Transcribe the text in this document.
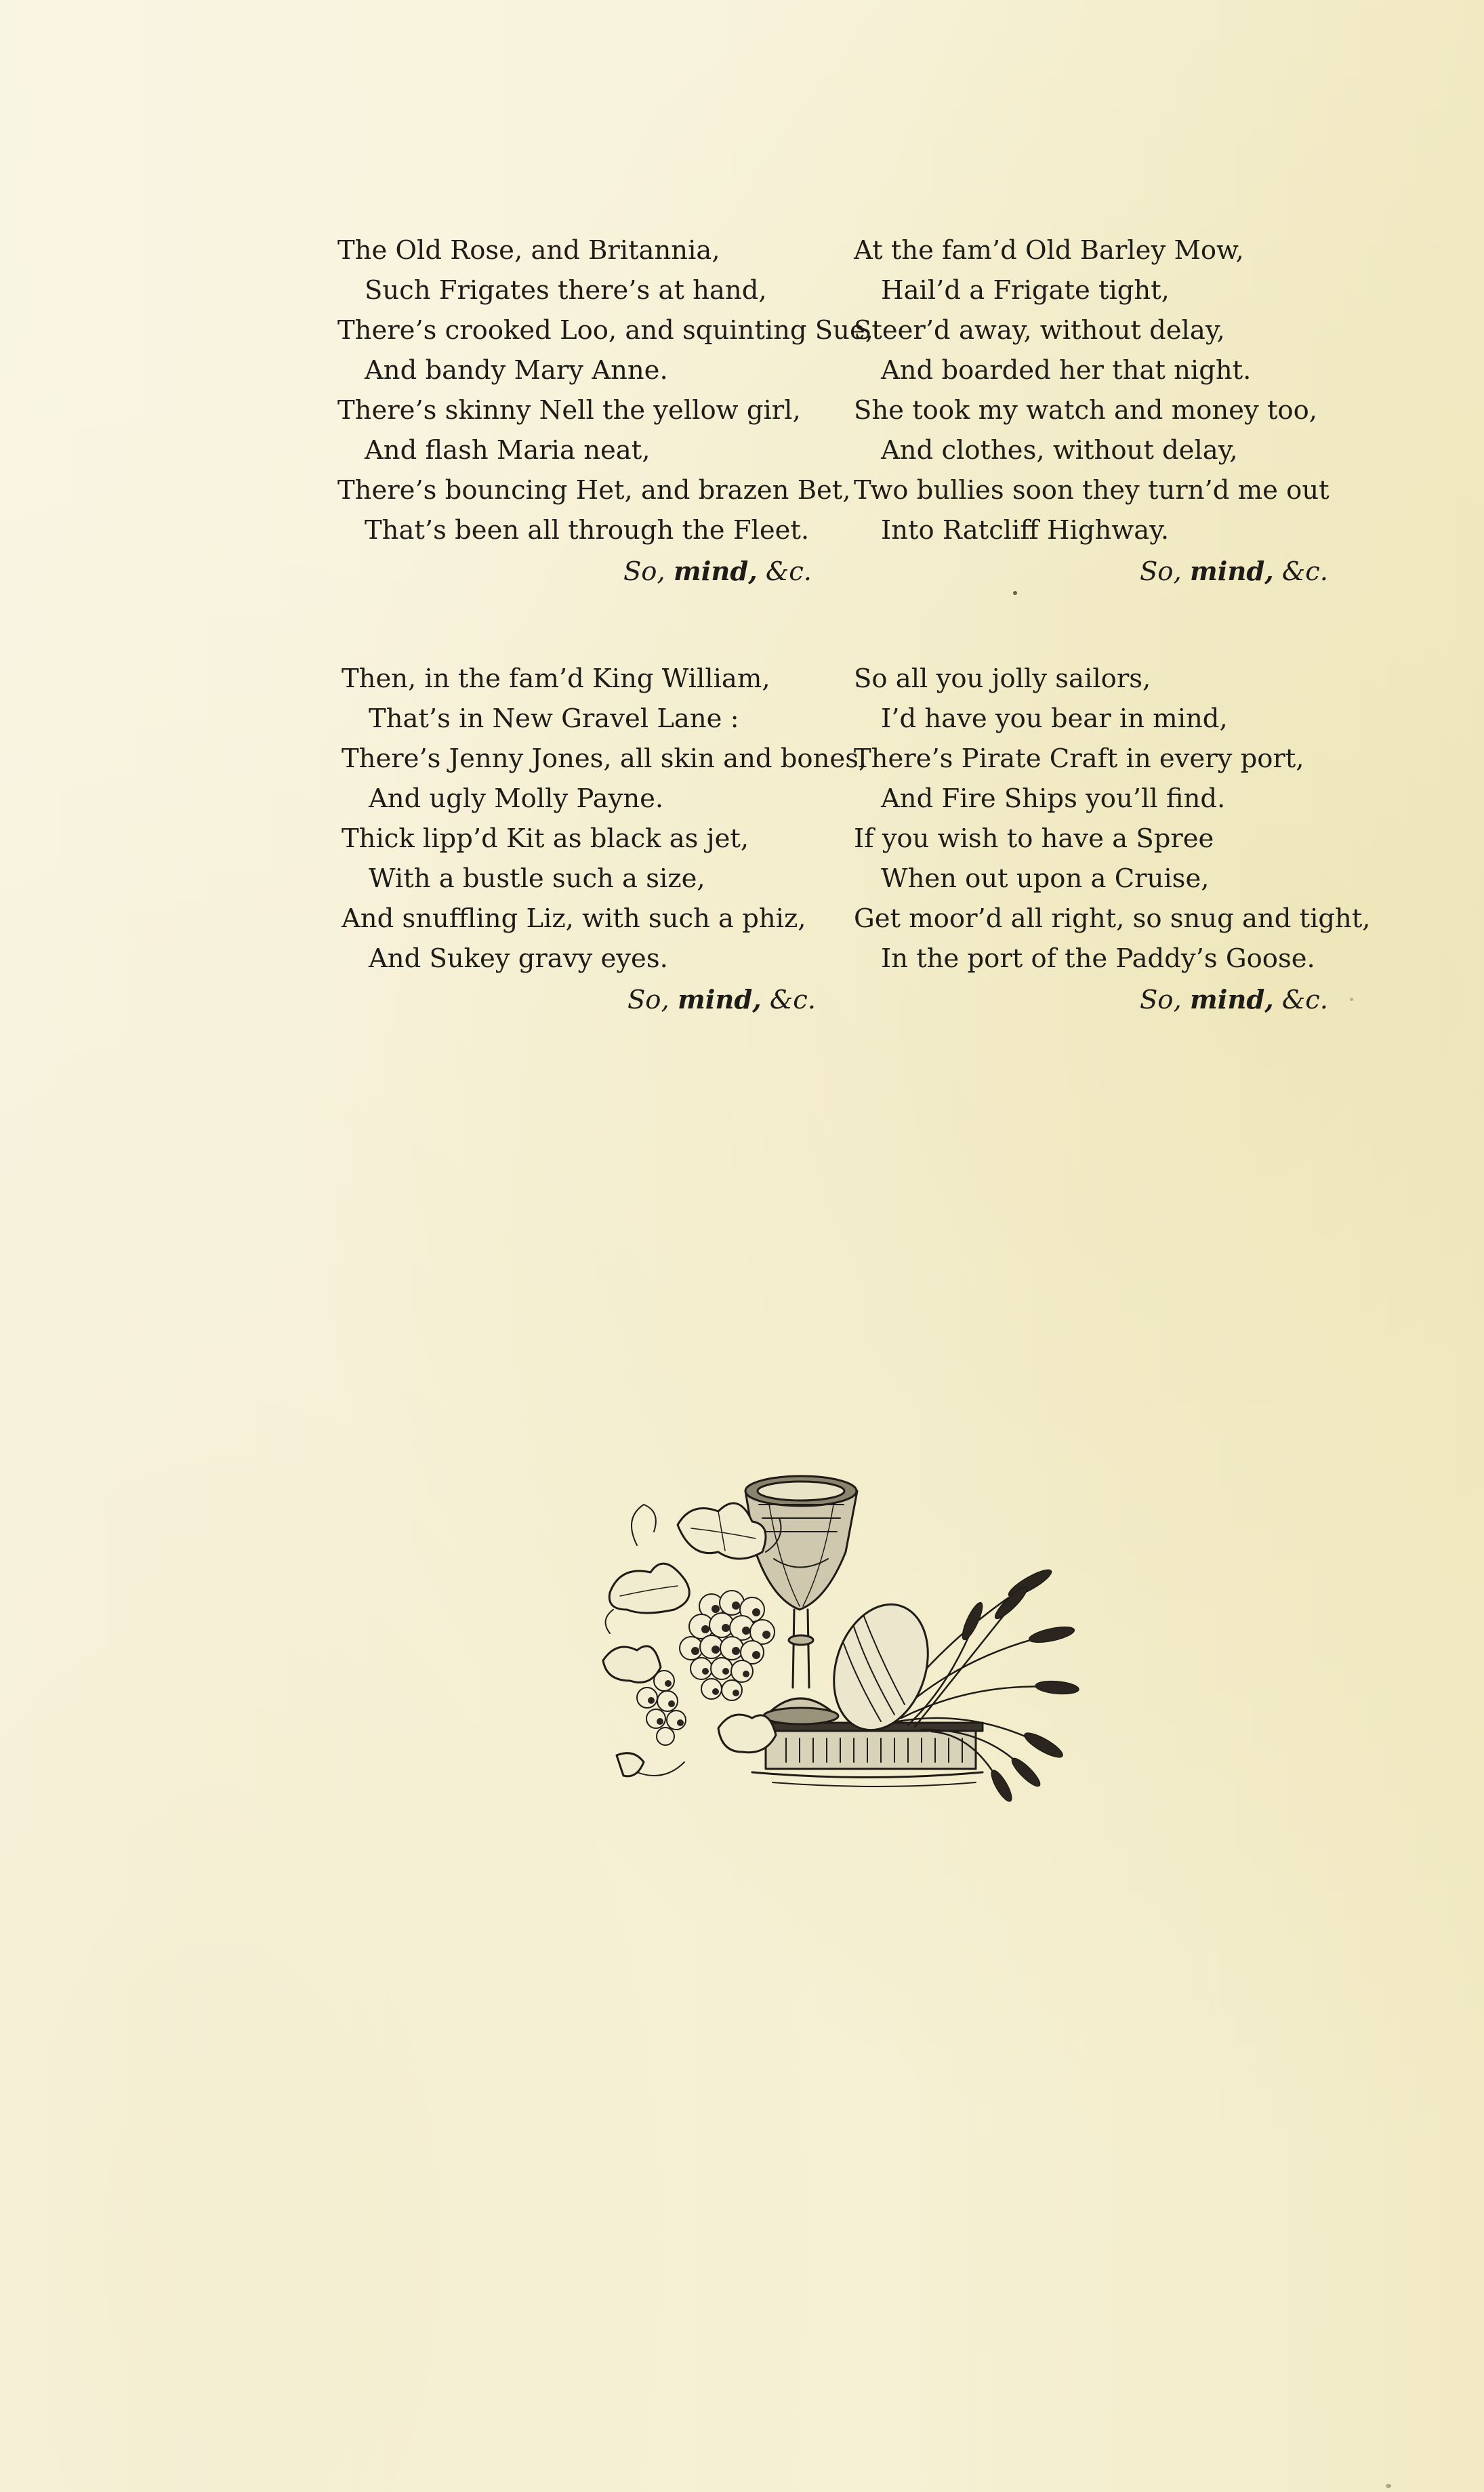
The Old Rose, and Britannia,
Such Frigates there’s at hand,
There’s crooked Loo, and squinting Sue,
And bandy Mary Anne.
There’s skinny Nell the yellow girl,
And flash Maria neat,
There’s bouncing Het, and brazen Bet,
That’s been all through the Fleet.
So, mind, &c.
At the fam’d Old Barley Mow,
Hail’d a Frigate tight,
Steer’d away, without delay,
And boarded her that night.
She took my watch and money too,
And clothes, without delay,
Two bullies soon they turn’d me out
Into Ratcliff Highway.
So, mind, &c.
Then, in the fam’d King William,
That’s in New Gravel Lane :
There’s Jenny Jones, all skin and bones,
And ugly Molly Payne.
Thick lipp’d Kit as black as jet,
With a bustle such a size,
And snuffling Liz, with such a phiz,
And Sukey gravy eyes.
So, mind, &c.
So all you jolly sailors,
I’d have you bear in mind,
There’s Pirate Craft in every port,
And Fire Ships you’ll find.
If you wish to have a Spree
When out upon a Cruise,
Get moor’d all right, so snug and tight,
In the port of the Paddy’s Goose.
So, mind, &c.
